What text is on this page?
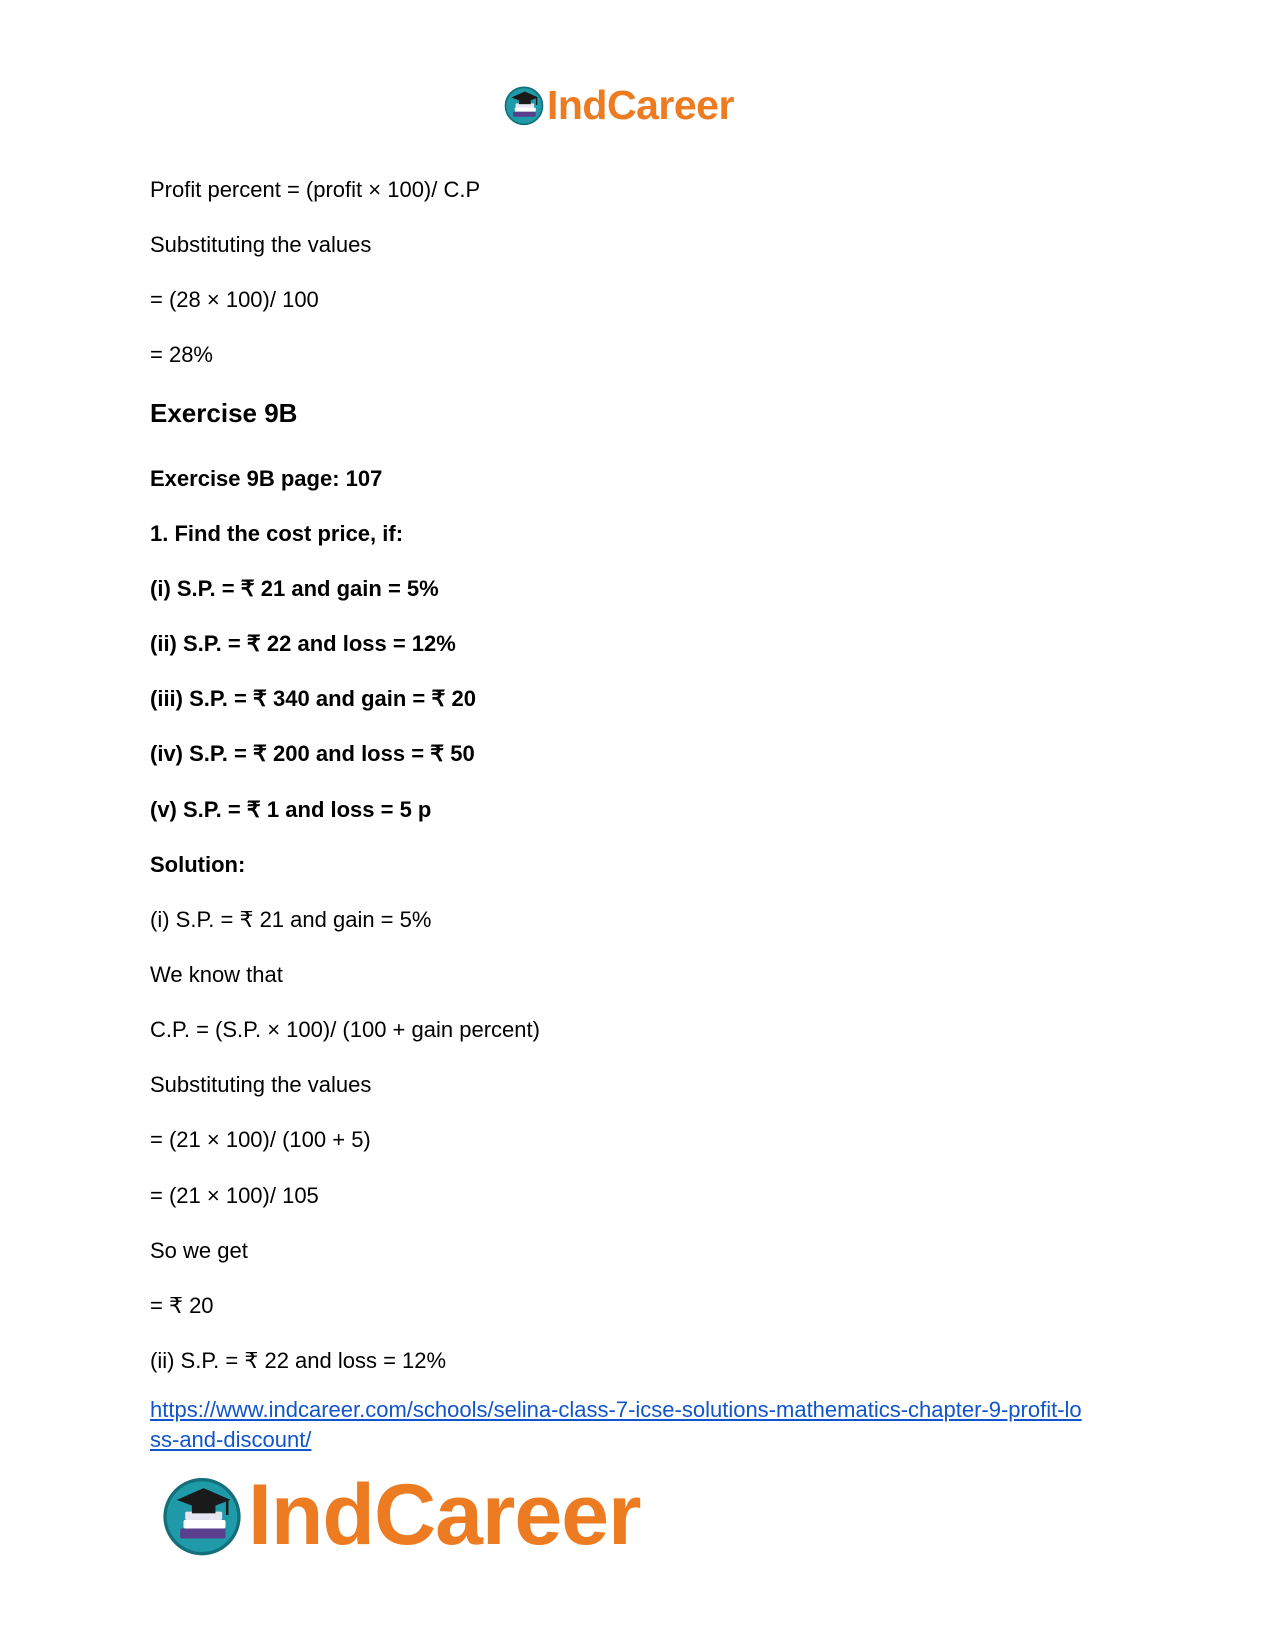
IndCareer
Profit percent = (profit × 100)/ C.P
Substituting the values
= (28 × 100)/ 100
= 28%
Exercise 9B
Exercise 9B page: 107
1. Find the cost price, if:
(i) S.P. = ₹ 21 and gain = 5%
(ii) S.P. = ₹ 22 and loss = 12%
(iii) S.P. = ₹ 340 and gain = ₹ 20
(iv) S.P. = ₹ 200 and loss = ₹ 50
(v) S.P. = ₹ 1 and loss = 5 p
Solution:
(i) S.P. = ₹ 21 and gain = 5%
We know that
C.P. = (S.P. × 100)/ (100 + gain percent)
Substituting the values
= (21 × 100)/ (100 + 5)
= (21 × 100)/ 105
So we get
= ₹ 20
(ii) S.P. = ₹ 22 and loss = 12%
https://www.indcareer.com/schools/selina-class-7-icse-solutions-mathematics-chapter-9-profit-lo
ss-and-discount/
IndCareer
